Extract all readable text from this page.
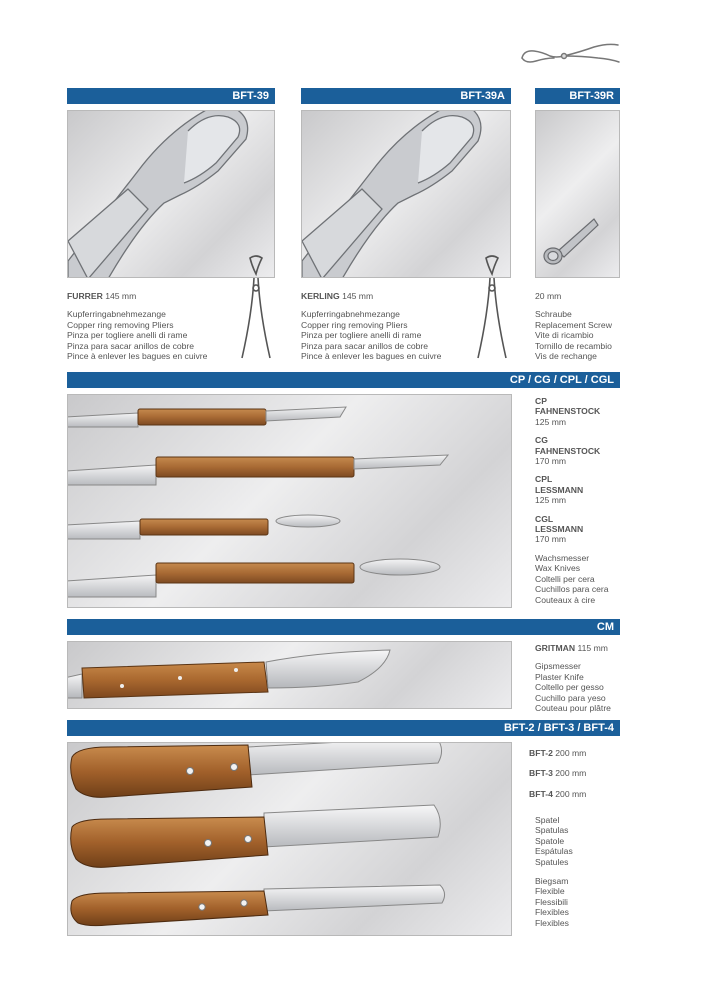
BFT-39
FURRER 145 mm
Kupferringabnehmezange
Copper ring removing Pliers
Pinza per togliere anelli di rame
Pinza para sacar anillos de cobre
Pince à enlever les bagues en cuivre
BFT-39A
KERLING 145 mm
Kupferringabnehmezange
Copper ring removing Pliers
Pinza per togliere anelli di rame
Pinza para sacar anillos de cobre
Pince à enlever les bagues en cuivre
BFT-39R
20 mm
Schraube
Replacement Screw
Vite di ricambio
Tornillo de recambio
Vis de rechange
CP / CG / CPL / CGL
CP
FAHNENSTOCK
125 mm
CG
FAHNENSTOCK
170 mm
CPL
LESSMANN
125 mm
CGL
LESSMANN
170 mm
Wachsmesser
Wax Knives
Coltelli per cera
Cuchillos para cera
Couteaux à cire
CM
GRITMAN 115 mm
Gipsmesser
Plaster Knife
Coltello per gesso
Cuchillo para yeso
Couteau pour plâtre
BFT-2 / BFT-3 / BFT-4
BFT-2 200 mm
BFT-3 200 mm
BFT-4 200 mm
Spatel
Spatulas
Spatole
Espátulas
Spatules
Biegsam
Flexible
Flessibili
Flexibles
Flexibles
